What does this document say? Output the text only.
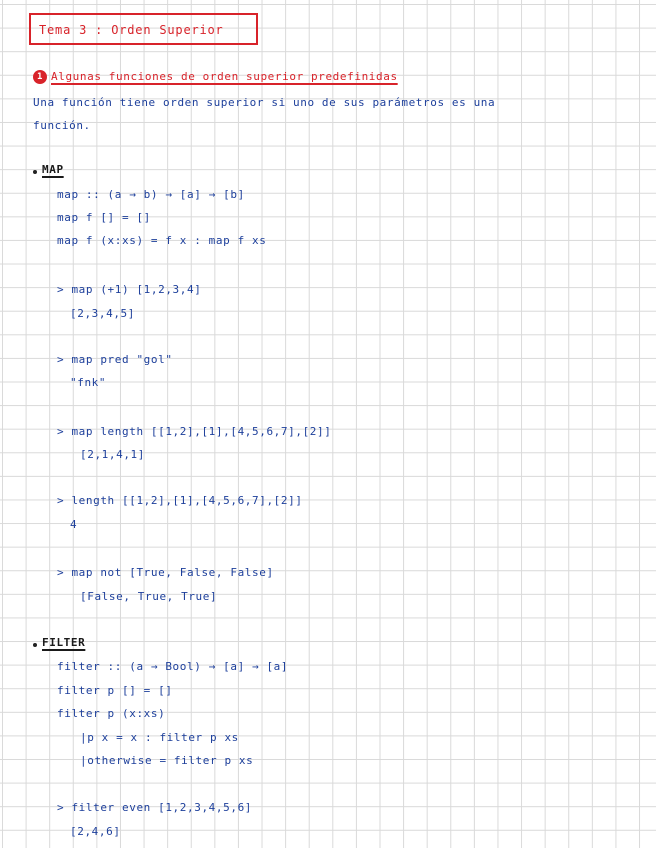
Tema 3 : Orden Superior
1 Algunas funciones de orden superior predefinidas
Una función tiene orden superior si uno de sus parámetros es una
función.
MAP
map :: (a → b) → [a] → [b]
map f [] = []
map f (x:xs) = f x : map f xs
> map (+1) [1,2,3,4]
[2,3,4,5]
> map pred "gol"
"fnk"
> map length [[1,2],[1],[4,5,6,7],[2]]
[2,1,4,1]
> length [[1,2],[1],[4,5,6,7],[2]]
4
> map not [True, False, False]
[False, True, True]
FILTER
filter :: (a → Bool) → [a] → [a]
filter p [] = []
filter p (x:xs)
|p x = x : filter p xs
|otherwise = filter p xs
> filter even [1,2,3,4,5,6]
[2,4,6]
